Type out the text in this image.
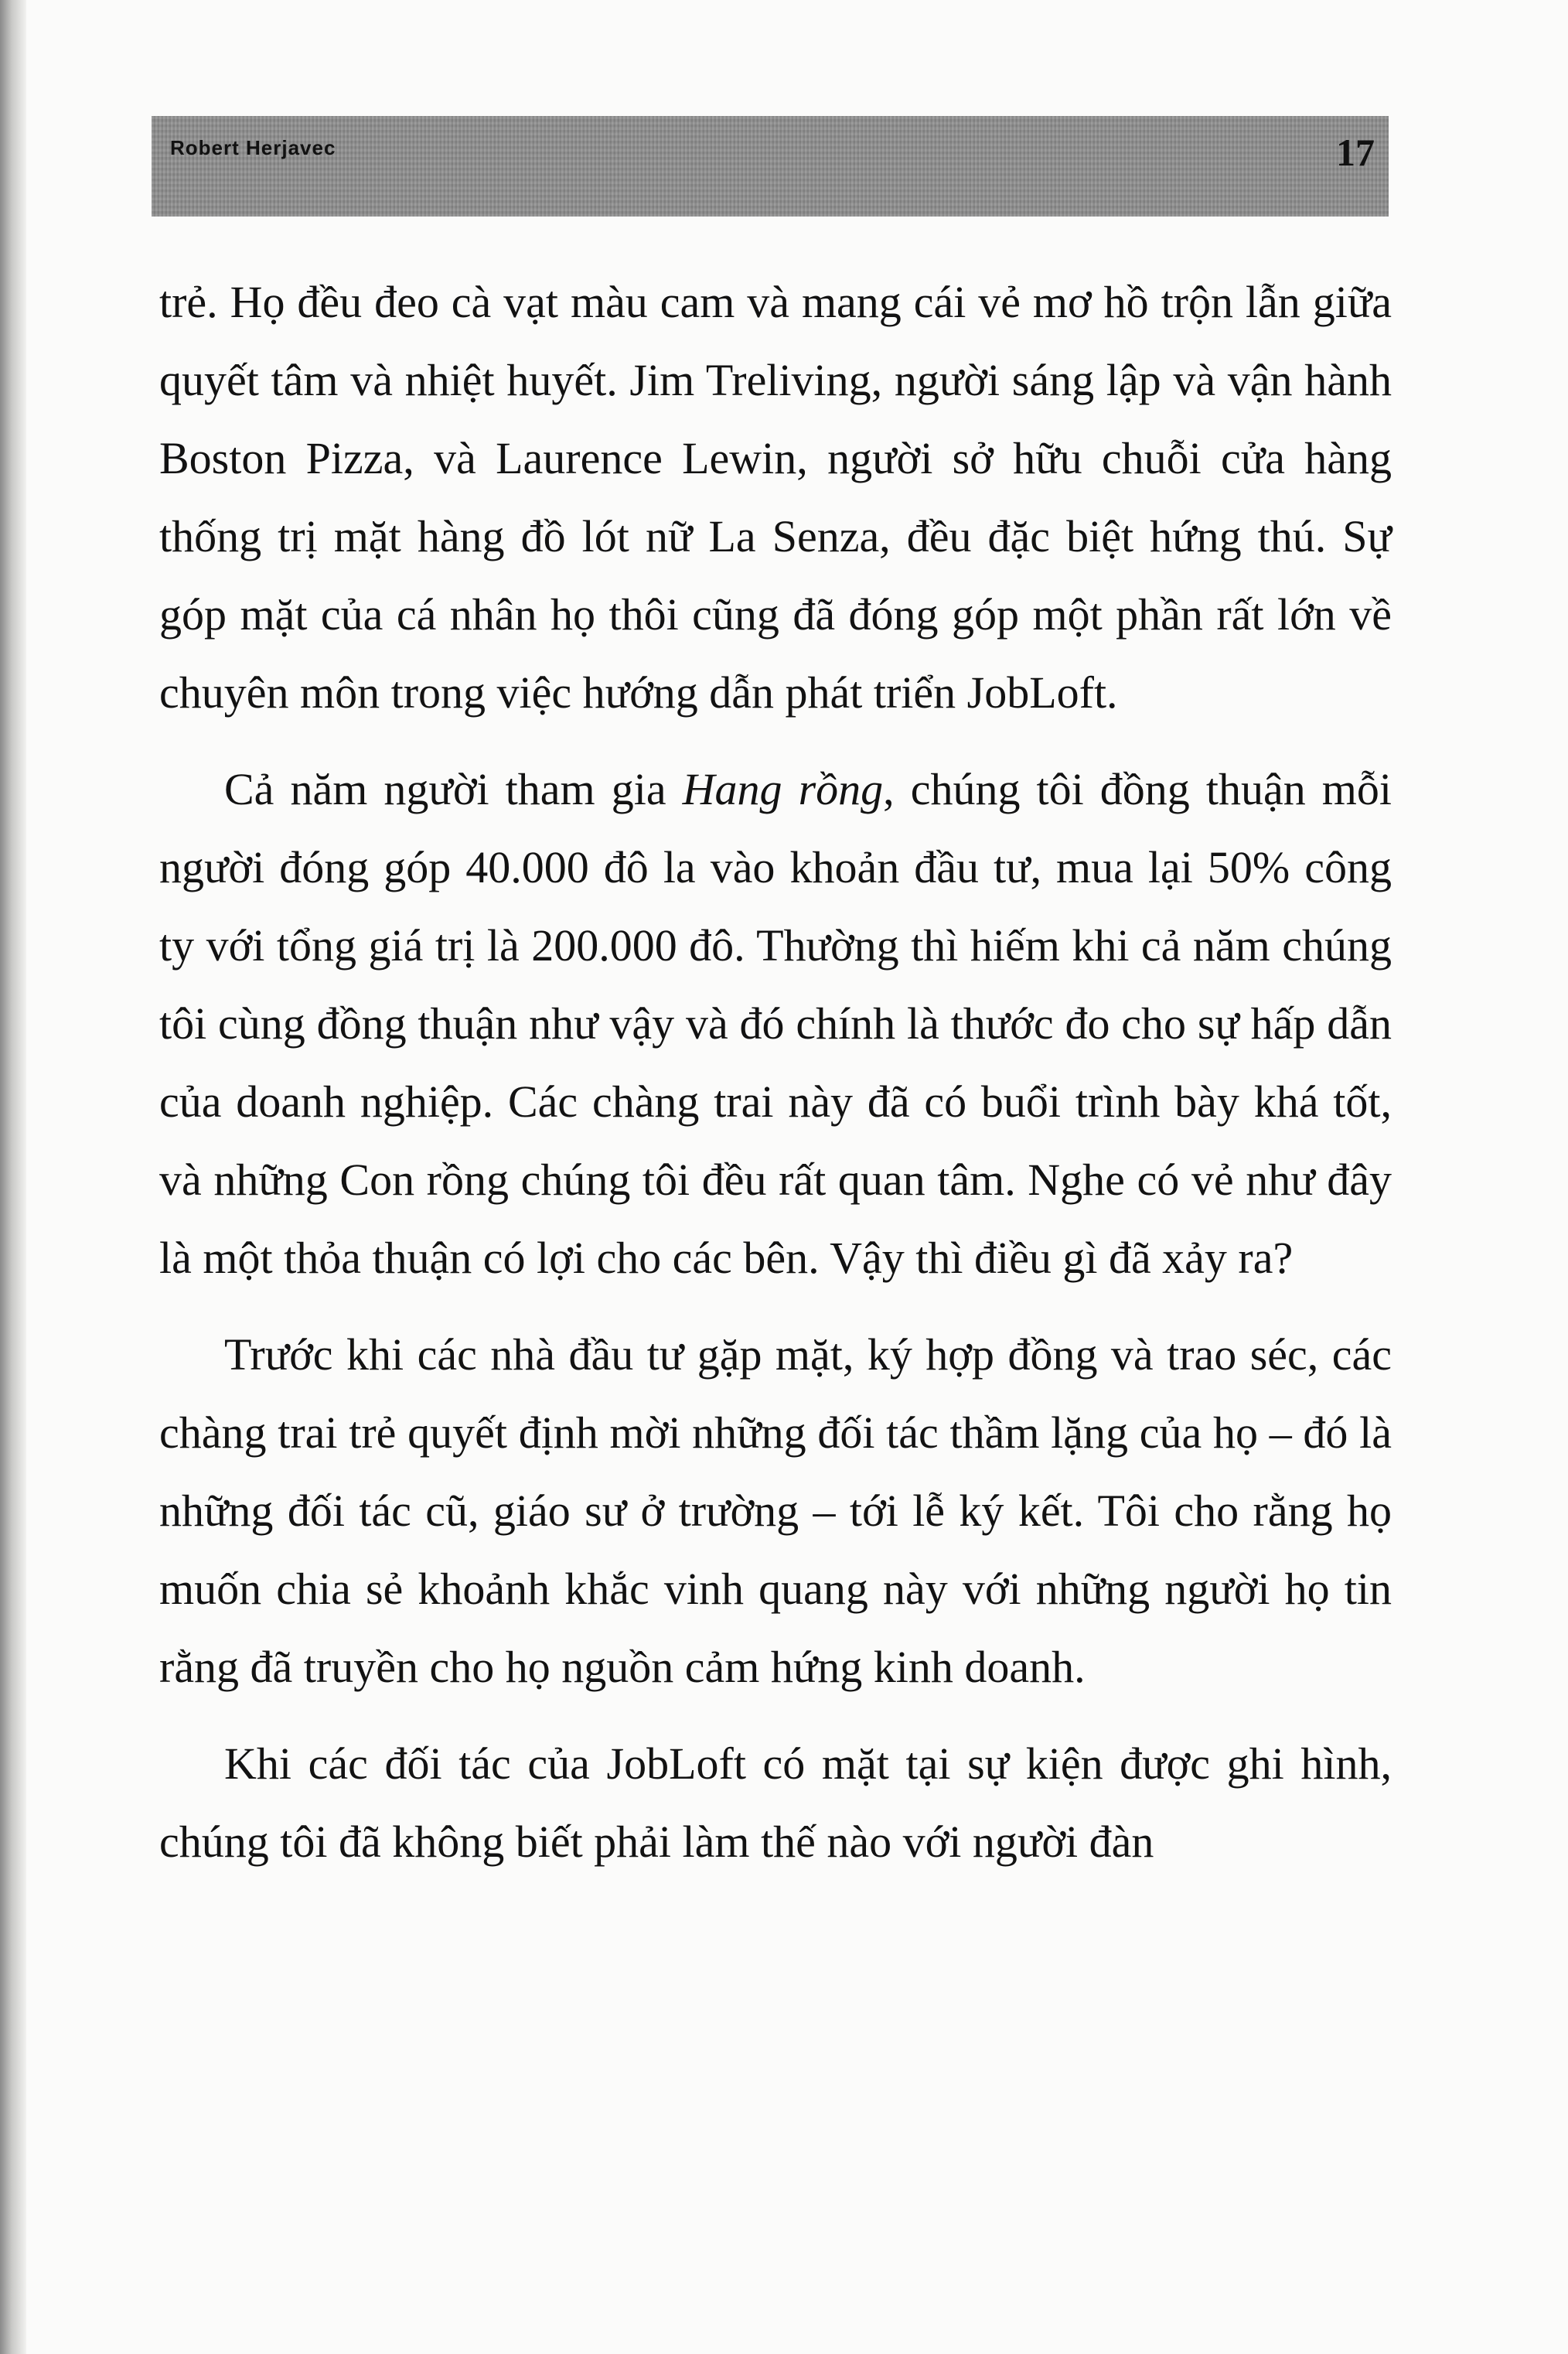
Robert Herjavec	17

trẻ. Họ đều đeo cà vạt màu cam và mang cái vẻ mơ hồ trộn lẫn giữa quyết tâm và nhiệt huyết. Jim Treliving, người sáng lập và vận hành Boston Pizza, và Laurence Lewin, người sở hữu chuỗi cửa hàng thống trị mặt hàng đồ lót nữ La Senza, đều đặc biệt hứng thú. Sự góp mặt của cá nhân họ thôi cũng đã đóng góp một phần rất lớn về chuyên môn trong việc hướng dẫn phát triển JobLoft.

Cả năm người tham gia Hang rồng, chúng tôi đồng thuận mỗi người đóng góp 40.000 đô la vào khoản đầu tư, mua lại 50% công ty với tổng giá trị là 200.000 đô. Thường thì hiếm khi cả năm chúng tôi cùng đồng thuận như vậy và đó chính là thước đo cho sự hấp dẫn của doanh nghiệp. Các chàng trai này đã có buổi trình bày khá tốt, và những Con rồng chúng tôi đều rất quan tâm. Nghe có vẻ như đây là một thỏa thuận có lợi cho các bên. Vậy thì điều gì đã xảy ra?

Trước khi các nhà đầu tư gặp mặt, ký hợp đồng và trao séc, các chàng trai trẻ quyết định mời những đối tác thầm lặng của họ – đó là những đối tác cũ, giáo sư ở trường – tới lễ ký kết. Tôi cho rằng họ muốn chia sẻ khoảnh khắc vinh quang này với những người họ tin rằng đã truyền cho họ nguồn cảm hứng kinh doanh.

Khi các đối tác của JobLoft có mặt tại sự kiện được ghi hình, chúng tôi đã không biết phải làm thế nào với người đàn
